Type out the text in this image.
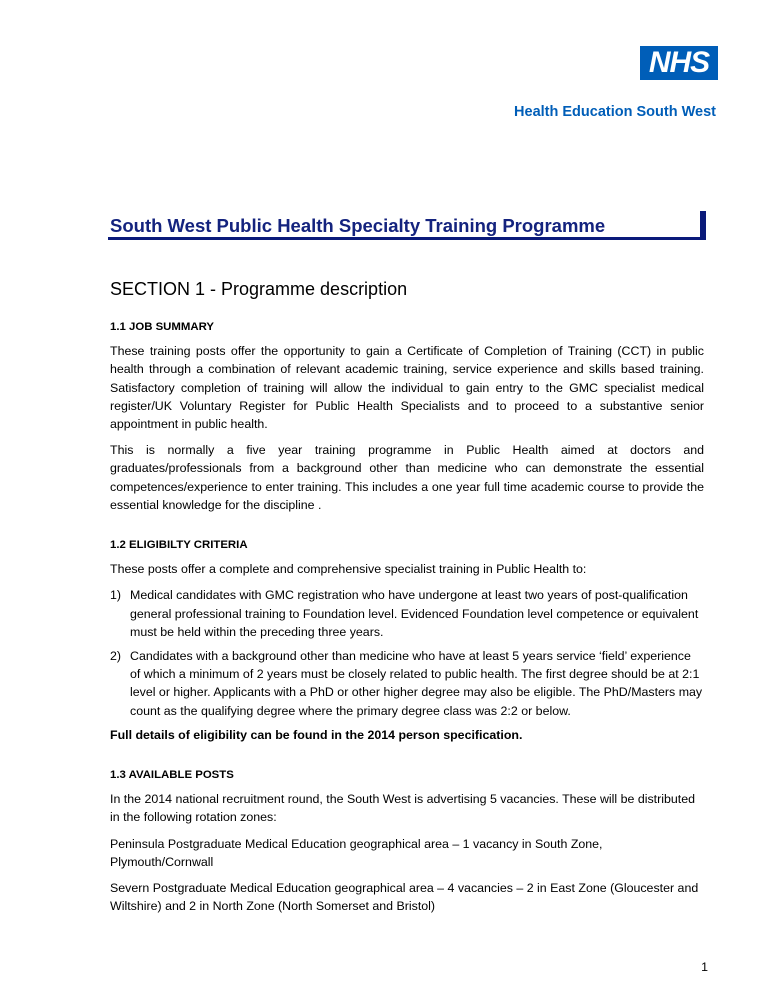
NHS
Health Education South West
South West Public Health Specialty Training Programme
SECTION 1 - Programme description
1.1 JOB SUMMARY

These training posts offer the opportunity to gain a Certificate of Completion of Training (CCT) in public health through a combination of relevant academic training, service experience and skills based training. Satisfactory completion of training will allow the individual to gain entry to the GMC specialist medical register/UK Voluntary Register for Public Health Specialists and to proceed to a substantive senior appointment in public health.

This is normally a five year training programme in Public Health aimed at doctors and graduates/professionals from a background other than medicine who can demonstrate the essential competences/experience to enter training. This includes a one year full time academic course to provide the essential knowledge for the discipline .

1.2 ELIGIBILTY CRITERIA

These posts offer a complete and comprehensive specialist training in Public Health to:

1) Medical candidates with GMC registration who have undergone at least two years of post-qualification general professional training to Foundation level. Evidenced Foundation level competence or equivalent must be held within the preceding three years.
2) Candidates with a background other than medicine who have at least 5 years service ‘field’ experience of which a minimum of 2 years must be closely related to public health. The first degree should be at 2:1 level or higher. Applicants with a PhD or other higher degree may also be eligible. The PhD/Masters may count as the qualifying degree where the primary degree class was 2:2 or below.

Full details of eligibility can be found in the 2014 person specification.

1.3 AVAILABLE POSTS

In the 2014 national recruitment round, the South West is advertising 5 vacancies. These will be distributed in the following rotation zones:

Peninsula Postgraduate Medical Education geographical area – 1 vacancy in South Zone, Plymouth/Cornwall

Severn Postgraduate Medical Education geographical area – 4 vacancies – 2 in East Zone (Gloucester and Wiltshire) and 2 in North Zone (North Somerset and Bristol)

1
